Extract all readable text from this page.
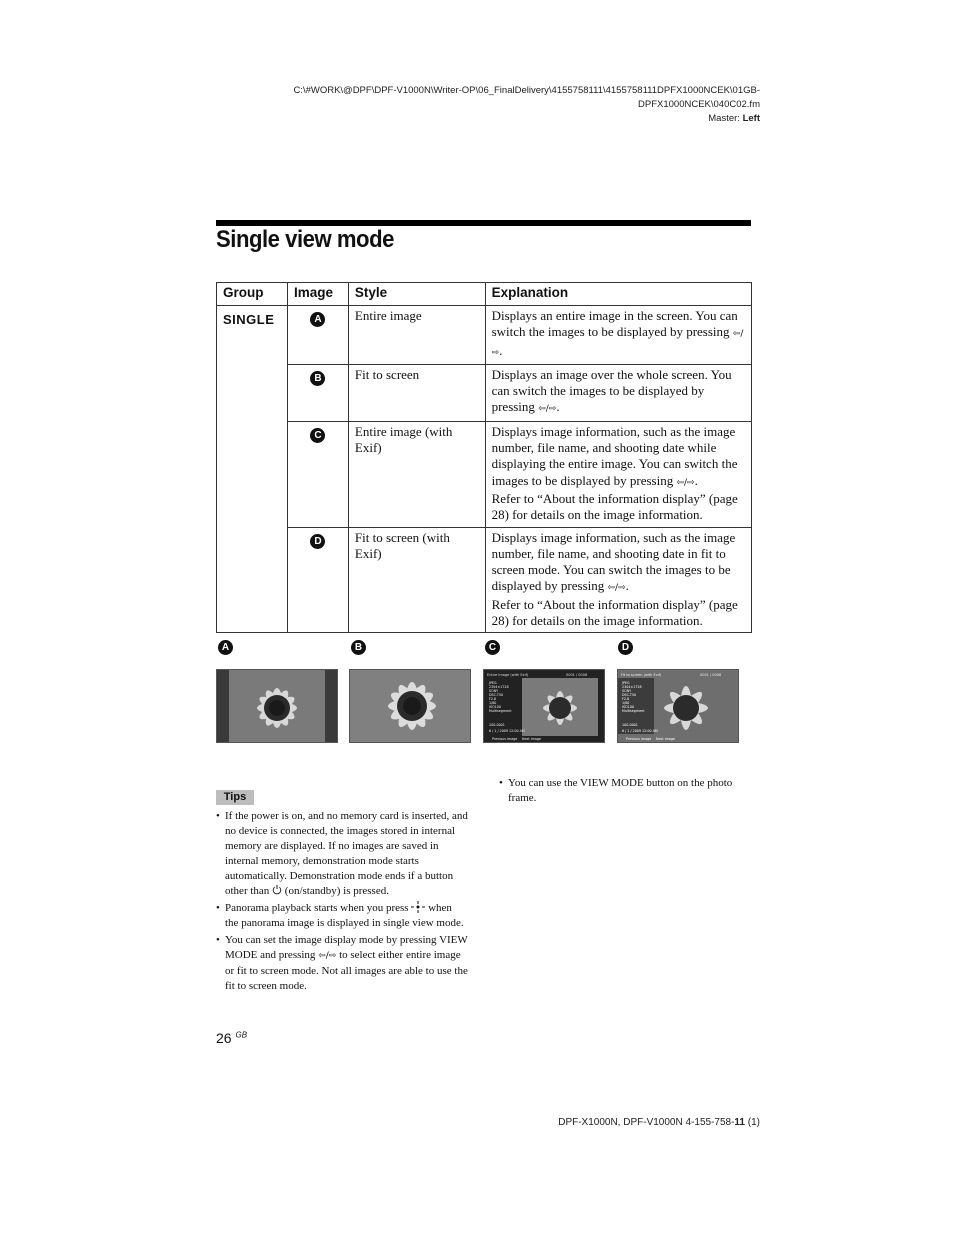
C:\#WORK\@DPF\DPF-V1000N\Writer-OP\06_FinalDelivery\4155758111\4155758111DPFX1000NCEK\01GB-
DPFX1000NCEK\040C02.fm
Master: Left
Single view mode
Group	Image	Style	Explanation
SINGLE	A	Entire image	Displays an entire image in the screen. You can switch the images to be displayed by pressing ⇦/⇨.
	B	Fit to screen	Displays an image over the whole screen. You can switch the images to be displayed by pressing ⇦/⇨.
	C	Entire image (with Exif)	Displays image information, such as the image number, file name, and shooting date while displaying the entire image. You can switch the images to be displayed by pressing ⇦/⇨.
Refer to “About the information display” (page 28) for details on the image information.
	D	Fit to screen (with Exif)	Displays image information, such as the image number, file name, and shooting date in fit to screen mode. You can switch the images to be displayed by pressing ⇦/⇨.
Refer to “About the information display” (page 28) for details on the image information.
A	B	C	D
Entire image (with Exif)	0001 / 0006
JPEG
2304×1728
SONY
DSC-T50
F2.8
1/60
ISO100
Multisegment
100-0001
6 / 1 / 2009 12:00 AM
Previous image Next image
Fit to screen (with Exif)	0001 / 0006
JPEG
2304×1728
SONY
DSC-T50
F2.8
1/60
ISO100
Multisegment
100-0001
6 / 1 / 2009 12:00 AM
Previous image Next image
Tips
• If the power is on, and no memory card is inserted, and no device is connected, the images stored in internal memory are displayed. If no images are saved in internal memory, demonstration mode starts automatically. Demonstration mode ends if a button other than (on/standby) is pressed.
• Panorama playback starts when you press when the panorama image is displayed in single view mode.
• You can set the image display mode by pressing VIEW MODE and pressing ⇦/⇨ to select either entire image or fit to screen mode. Not all images are able to use the fit to screen mode.
• You can use the VIEW MODE button on the photo frame.
26 $^{GB}$
DPF-X1000N, DPF-V1000N 4-155-758-11 (1)
